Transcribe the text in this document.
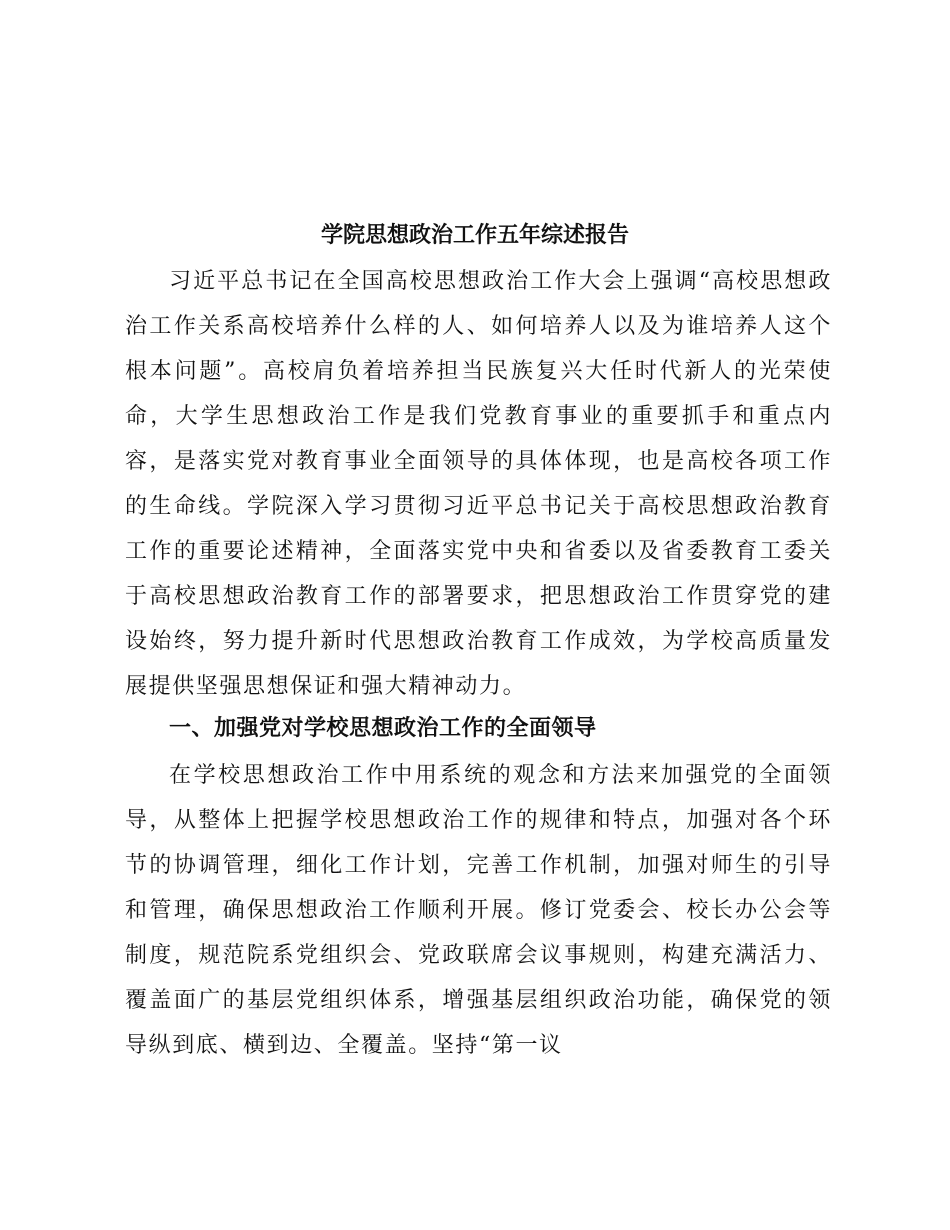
学院思想政治工作五年综述报告

习近平总书记在全国高校思想政治工作大会上强调“高校思想政治工作关系高校培养什么样的人、如何培养人以及为谁培养人这个根本问题”。高校肩负着培养担当民族复兴大任时代新人的光荣使命，大学生思想政治工作是我们党教育事业的重要抓手和重点内容，是落实党对教育事业全面领导的具体体现，也是高校各项工作的生命线。学院深入学习贯彻习近平总书记关于高校思想政治教育工作的重要论述精神，全面落实党中央和省委以及省委教育工委关于高校思想政治教育工作的部署要求，把思想政治工作贯穿党的建设始终，努力提升新时代思想政治教育工作成效，为学校高质量发展提供坚强思想保证和强大精神动力。

一、加强党对学校思想政治工作的全面领导

在学校思想政治工作中用系统的观念和方法来加强党的全面领导，从整体上把握学校思想政治工作的规律和特点，加强对各个环节的协调管理，细化工作计划，完善工作机制，加强对师生的引导和管理，确保思想政治工作顺利开展。修订党委会、校长办公会等制度，规范院系党组织会、党政联席会议事规则，构建充满活力、覆盖面广的基层党组织体系，增强基层组织政治功能，确保党的领导纵到底、横到边、全覆盖。坚持“第一议
